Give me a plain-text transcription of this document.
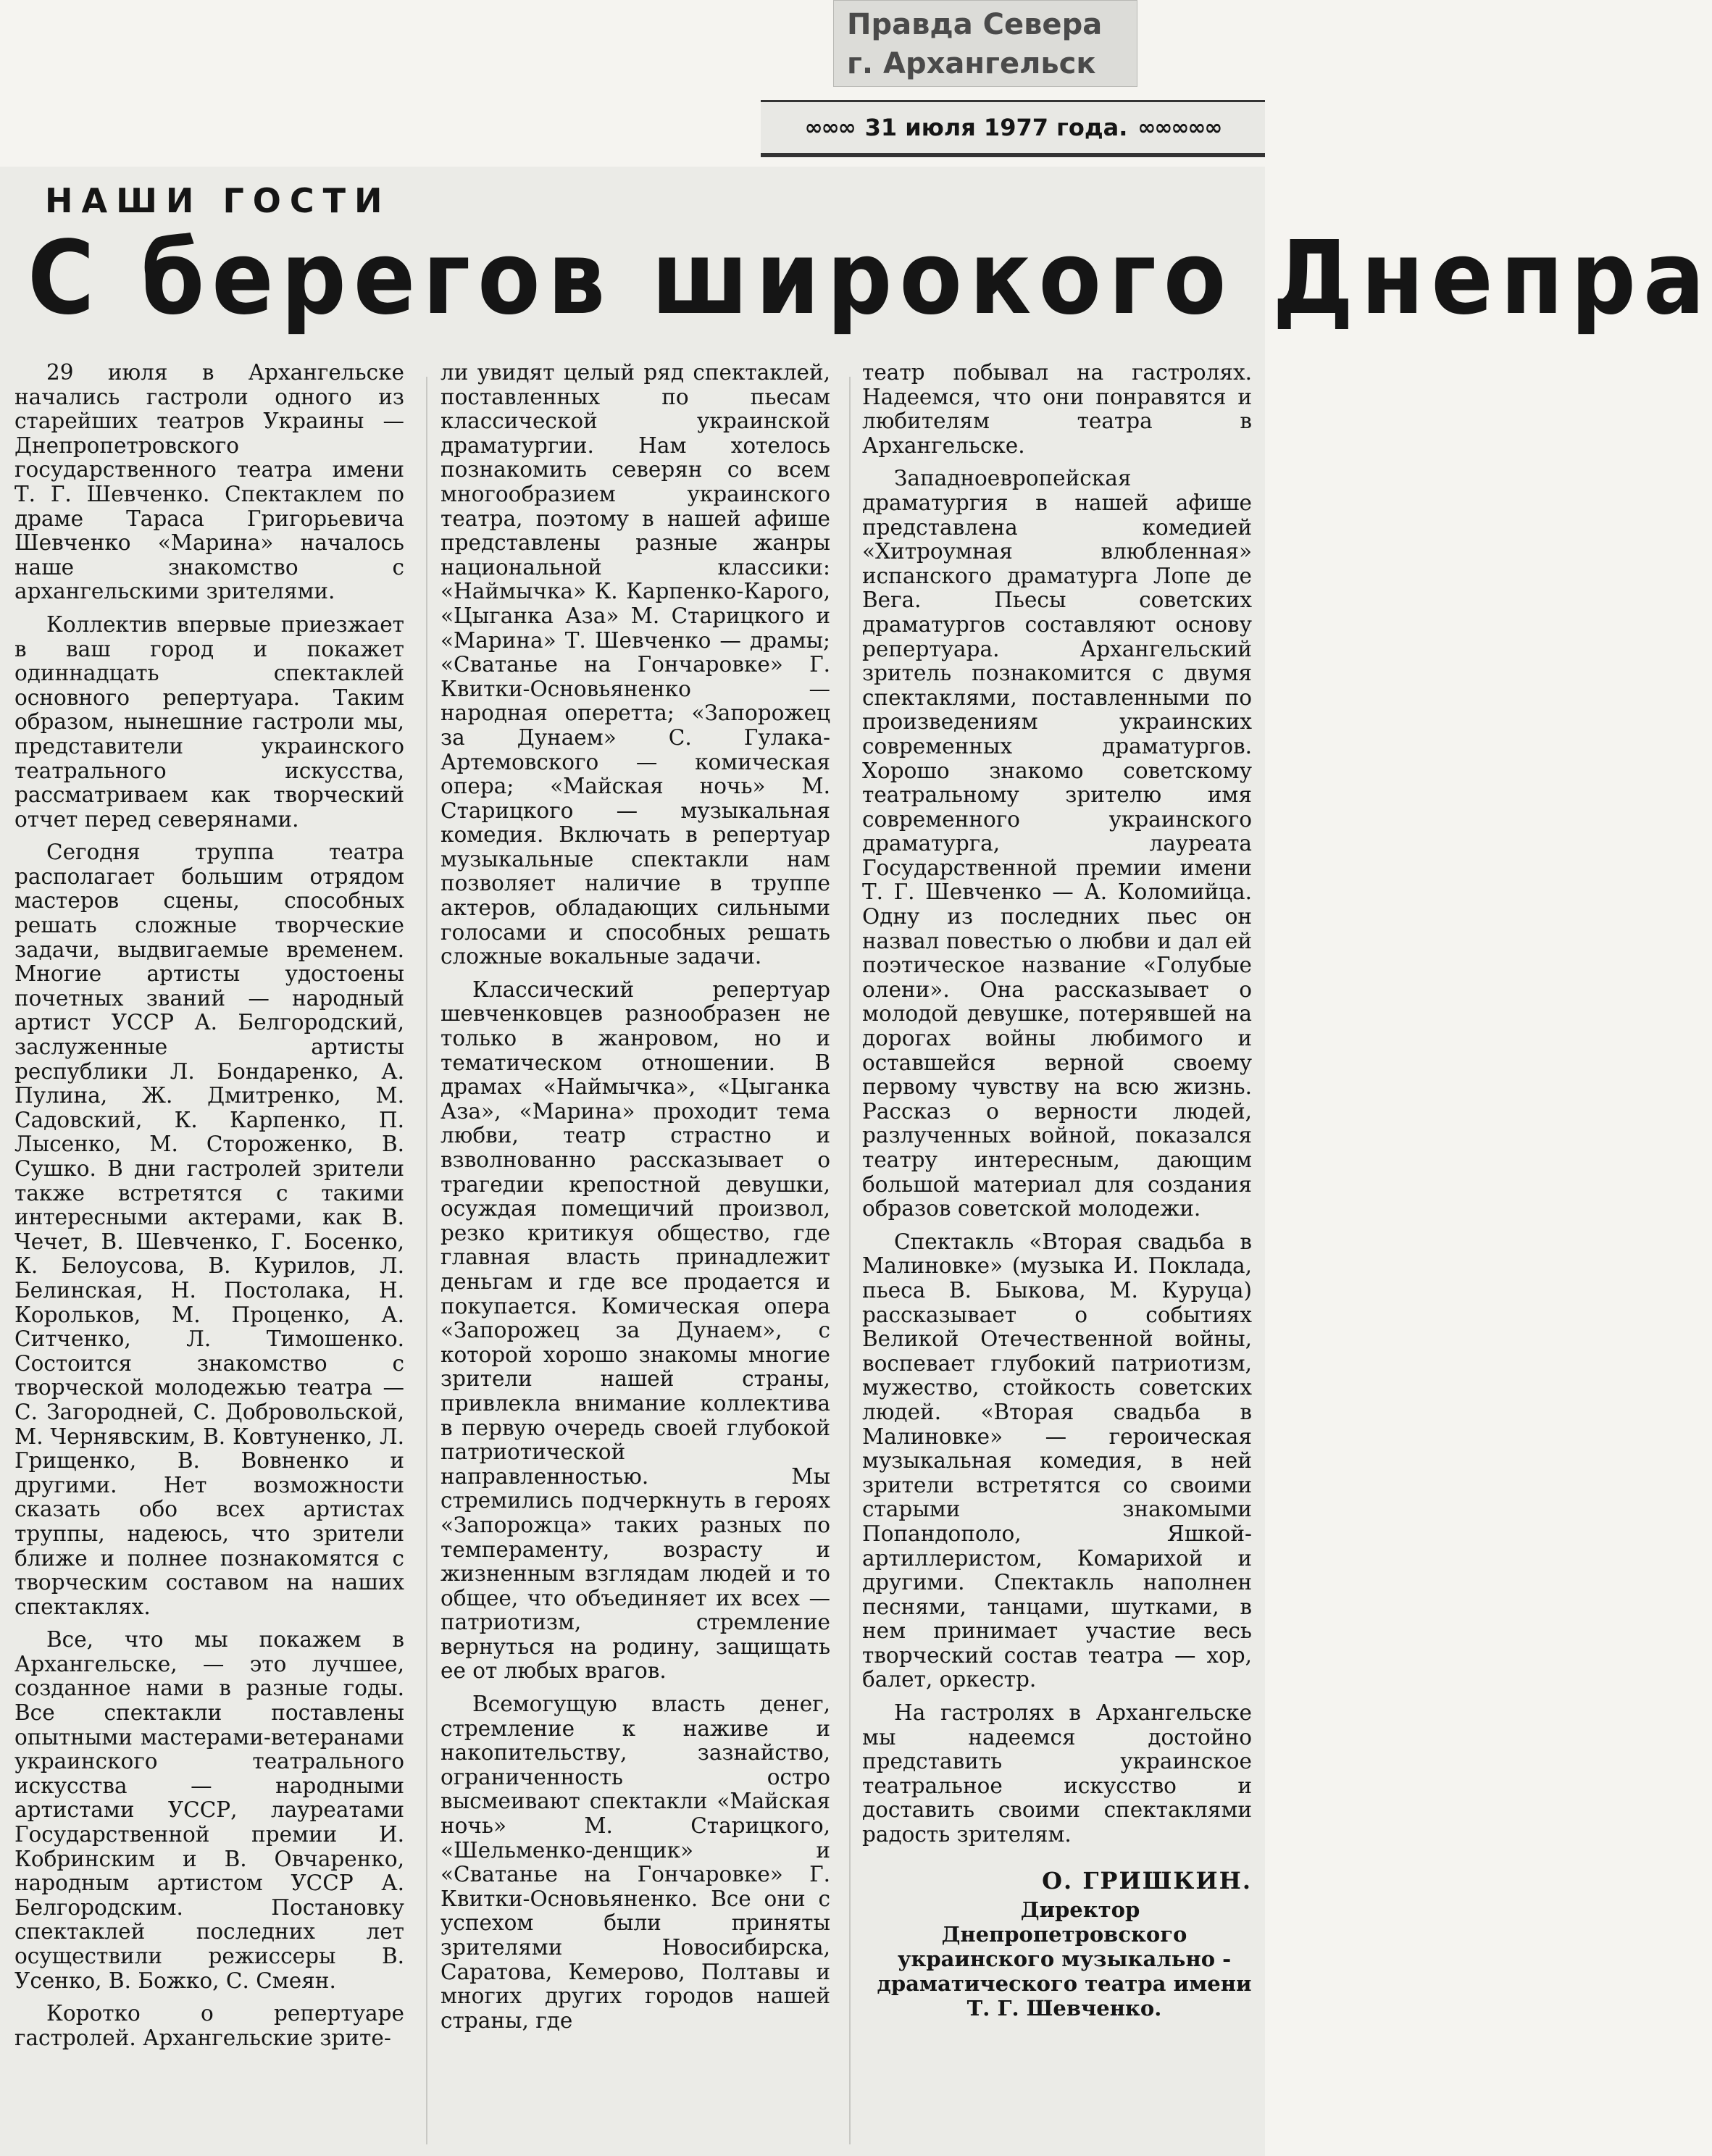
Правда Севера
г. Архангельск
∞∞∞ 31 июля 1977 года. ∞∞∞∞∞
НАШИ ГОСТИ
С берегов широкого Днепра

29 июля в Архангельске начались гастроли одного из старейших театров Украины — Днепропетровского государственного театра имени Т. Г. Шевченко. Спектаклем по драме Тараса Григорьевича Шевченко «Марина» началось наше знакомство с архангельскими зрителями.

Коллектив впервые приезжает в ваш город и покажет одиннадцать спектаклей основного репертуара. Таким образом, нынешние гастроли мы, представители украинского театрального искусства, рассматриваем как творческий отчет перед северянами.

Сегодня труппа театра располагает большим отрядом мастеров сцены, способных решать сложные творческие задачи, выдвигаемые временем. Многие артисты удостоены почетных званий — народный артист УССР А. Белгородский, заслуженные артисты республики Л. Бондаренко, А. Пулина, Ж. Дмитренко, М. Садовский, К. Карпенко, П. Лысенко, М. Стороженко, В. Сушко. В дни гастролей зрители также встретятся с такими интересными актерами, как В. Чечет, В. Шевченко, Г. Босенко, К. Белоусова, В. Курилов, Л. Белинская, Н. Постолака, Н. Корольков, М. Проценко, А. Ситченко, Л. Тимошенко. Состоится знакомство с творческой молодежью театра — С. Загородней, С. Добровольской, М. Чернявским, В. Ковтуненко, Л. Грищенко, В. Вовненко и другими. Нет возможности сказать обо всех артистах труппы, надеюсь, что зрители ближе и полнее познакомятся с творческим составом на наших спектаклях.

Все, что мы покажем в Архангельске, — это лучшее, созданное нами в разные годы. Все спектакли поставлены опытными мастерами-ветеранами украинского театрального искусства — народными артистами УССР, лауреатами Государственной премии И. Кобринским и В. Овчаренко, народным артистом УССР А. Белгородским. Постановку спектаклей последних лет осуществили режиссеры В. Усенко, В. Божко, С. Смеян.

Коротко о репертуаре гастролей. Архангельские зрите-

ли увидят целый ряд спектаклей, поставленных по пьесам классической украинской драматургии. Нам хотелось познакомить северян со всем многообразием украинского театра, поэтому в нашей афише представлены разные жанры национальной классики: «Наймычка» К. Карпенко-Карого, «Цыганка Аза» М. Старицкого и «Марина» Т. Шевченко — драмы; «Сватанье на Гончаровке» Г. Квитки-Основьяненко — народная оперетта; «Запорожец за Дунаем» С. Гулака-Артемовского — комическая опера; «Майская ночь» М. Старицкого — музыкальная комедия. Включать в репертуар музыкальные спектакли нам позволяет наличие в труппе актеров, обладающих сильными голосами и способных решать сложные вокальные задачи.

Классический репертуар шевченковцев разнообразен не только в жанровом, но и тематическом отношении. В драмах «Наймычка», «Цыганка Аза», «Марина» проходит тема любви, театр страстно и взволнованно рассказывает о трагедии крепостной девушки, осуждая помещичий произвол, резко критикуя общество, где главная власть принадлежит деньгам и где все продается и покупается. Комическая опера «Запорожец за Дунаем», с которой хорошо знакомы многие зрители нашей страны, привлекла внимание коллектива в первую очередь своей глубокой патриотической направленностью. Мы стремились подчеркнуть в героях «Запорожца» таких разных по темпераменту, возрасту и жизненным взглядам людей и то общее, что объединяет их всех — патриотизм, стремление вернуться на родину, защищать ее от любых врагов.

Всемогущую власть денег, стремление к наживе и накопительству, зазнайство, ограниченность остро высмеивают спектакли «Майская ночь» М. Старицкого, «Шельменко-денщик» и «Сватанье на Гончаровке» Г. Квитки-Основьяненко. Все они с успехом были приняты зрителями Новосибирска, Саратова, Кемерово, Полтавы и многих других городов нашей страны, где

театр побывал на гастролях. Надеемся, что они понравятся и любителям театра в Архангельске.

Западноевропейская драматургия в нашей афише представлена комедией «Хитроумная влюбленная» испанского драматурга Лопе де Вега. Пьесы советских драматургов составляют основу репертуара. Архангельский зритель познакомится с двумя спектаклями, поставленными по произведениям украинских современных драматургов. Хорошо знакомо советскому театральному зрителю имя современного украинского драматурга, лауреата Государственной премии имени Т. Г. Шевченко — А. Коломийца. Одну из последних пьес он назвал повестью о любви и дал ей поэтическое название «Голубые олени». Она рассказывает о молодой девушке, потерявшей на дорогах войны любимого и оставшейся верной своему первому чувству на всю жизнь. Рассказ о верности людей, разлученных войной, показался театру интересным, дающим большой материал для создания образов советской молодежи.

Спектакль «Вторая свадьба в Малиновке» (музыка И. Поклада, пьеса В. Быкова, М. Куруца) рассказывает о событиях Великой Отечественной войны, воспевает глубокий патриотизм, мужество, стойкость советских людей. «Вторая свадьба в Малиновке» — героическая музыкальная комедия, в ней зрители встретятся со своими старыми знакомыми Попандополо, Яшкой-артиллеристом, Комарихой и другими. Спектакль наполнен песнями, танцами, шутками, в нем принимает участие весь творческий состав театра — хор, балет, оркестр.

На гастролях в Архангельске мы надеемся достойно представить украинское театральное искусство и доставить своими спектаклями радость зрителям.

О. ГРИШКИН.

Директор Днепропетровского украинского музыкально - драматического театра имени Т. Г. Шевченко.
